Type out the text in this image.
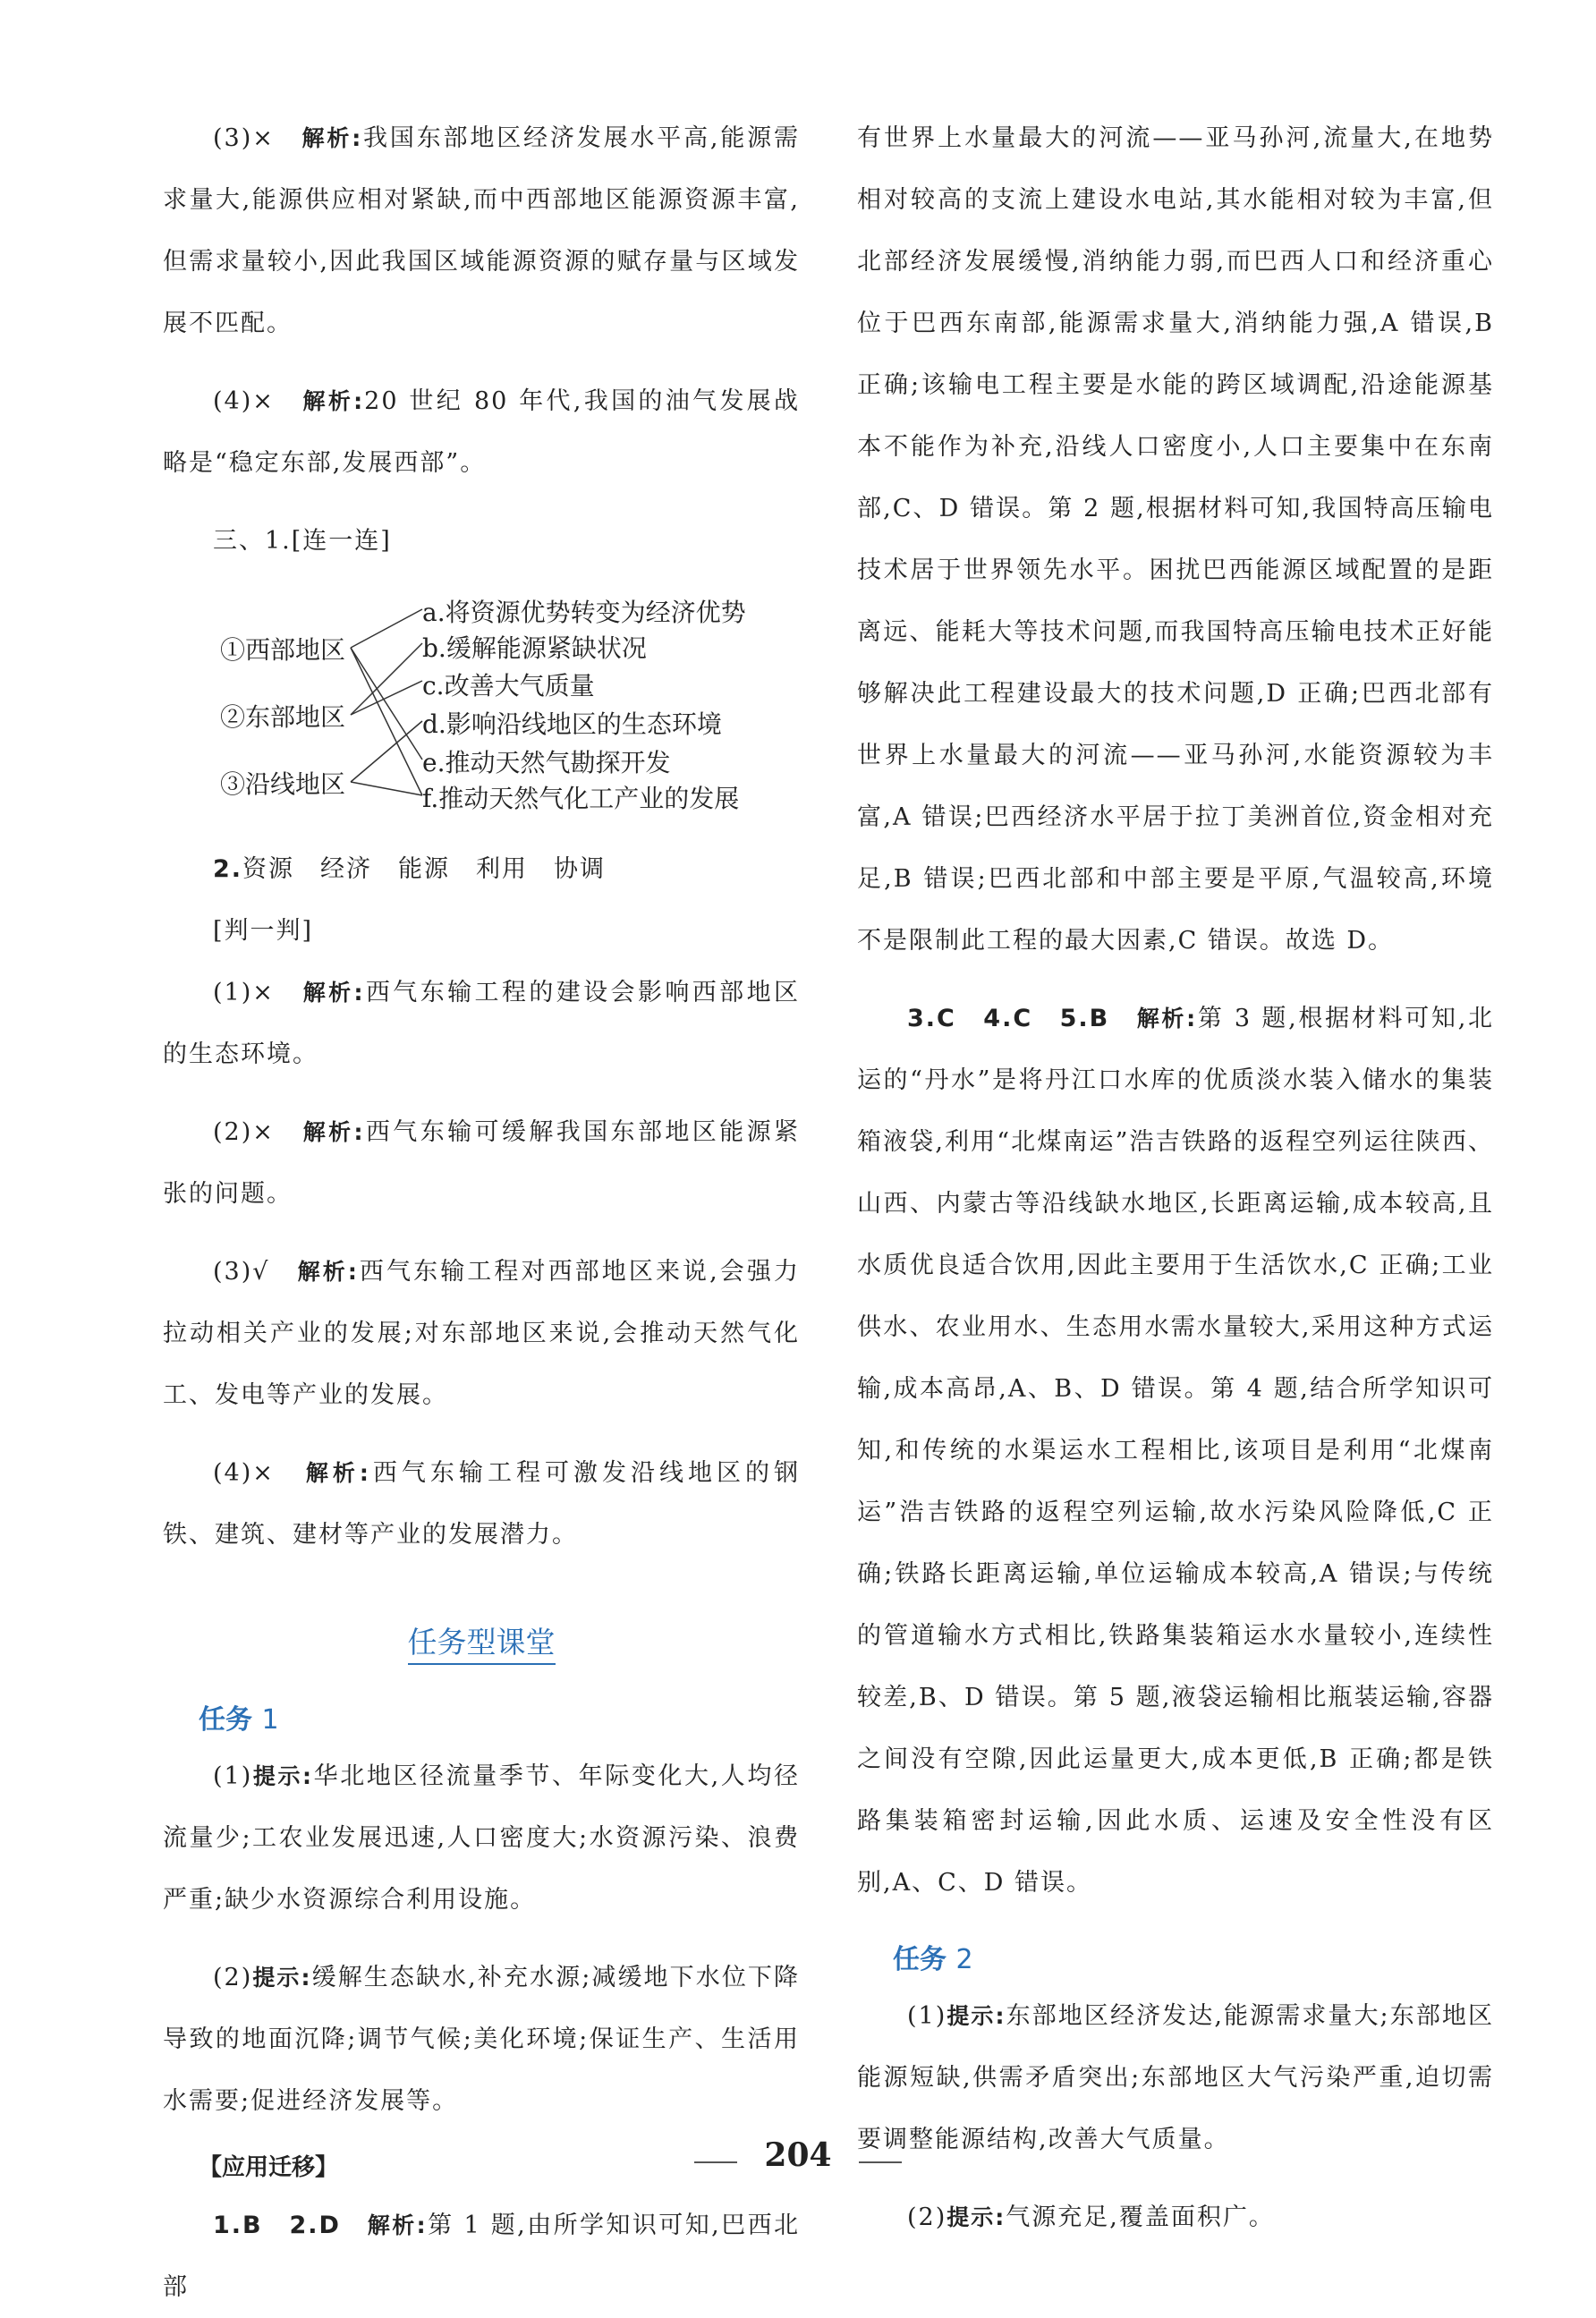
(3)×　 解析:我国东部地区经济发展水平高,能源需求量大,能源供应相对紧缺,而中西部地区能源资源丰富,但需求量较小,因此我国区域能源资源的赋存量与区域发展不匹配。

(4)×　 解析:20 世纪 80 年代,我国的油气发展战略是“稳定东部,发展西部”。

三、1.[连一连]

①西部地区
②东部地区
③沿线地区
a.将资源优势转变为经济优势
b.缓解能源紧缺状况
c.改善大气质量
d.影响沿线地区的生态环境
e.推动天然气勘探开发
f.推动天然气化工产业的发展

2.资源　经济　能源　利用　协调

[判一判]

(1)×　 解析:西气东输工程的建设会影响西部地区的生态环境。

(2)×　 解析:西气东输可缓解我国东部地区能源紧张的问题。

(3)√　 解析:西气东输工程对西部地区来说,会强力拉动相关产业的发展;对东部地区来说,会推动天然气化工、发电等产业的发展。

(4)×　 解析:西气东输工程可激发沿线地区的钢铁、建筑、建材等产业的发展潜力。

任务型课堂
任务 1

(1)提示:华北地区径流量季节、年际变化大,人均径流量少;工农业发展迅速,人口密度大;水资源污染、浪费严重;缺少水资源综合利用设施。

(2)提示:缓解生态缺水,补充水源;减缓地下水位下降导致的地面沉降;调节气候;美化环境;保证生产、生活用水需要;促进经济发展等。

【应用迁移】

1.B　2.D　 解析:第 1 题,由所学知识可知,巴西北部

有世界上水量最大的河流——亚马孙河,流量大,在地势相对较高的支流上建设水电站,其水能相对较为丰富,但北部经济发展缓慢,消纳能力弱,而巴西人口和经济重心位于巴西东南部,能源需求量大,消纳能力强,A 错误,B 正确;该输电工程主要是水能的跨区域调配,沿途能源基本不能作为补充,沿线人口密度小,人口主要集中在东南部,C、D 错误。第 2 题,根据材料可知,我国特高压输电技术居于世界领先水平。困扰巴西能源区域配置的是距离远、能耗大等技术问题,而我国特高压输电技术正好能够解决此工程建设最大的技术问题,D 正确;巴西北部有世界上水量最大的河流——亚马孙河,水能资源较为丰富,A 错误;巴西经济水平居于拉丁美洲首位,资金相对充足,B 错误;巴西北部和中部主要是平原,气温较高,环境不是限制此工程的最大因素,C 错误。故选 D。

3.C　4.C　5.B　 解析:第 3 题,根据材料可知,北运的“丹水”是将丹江口水库的优质淡水装入储水的集装箱液袋,利用“北煤南运”浩吉铁路的返程空列运往陕西、山西、内蒙古等沿线缺水地区,长距离运输,成本较高,且水质优良适合饮用,因此主要用于生活饮水,C 正确;工业供水、农业用水、生态用水需水量较大,采用这种方式运输,成本高昂,A、B、D 错误。第 4 题,结合所学知识可知,和传统的水渠运水工程相比,该项目是利用“北煤南运”浩吉铁路的返程空列运输,故水污染风险降低,C 正确;铁路长距离运输,单位运输成本较高,A 错误;与传统的管道输水方式相比,铁路集装箱运水水量较小,连续性较差,B、D 错误。第 5 题,液袋运输相比瓶装运输,容器之间没有空隙,因此运量更大,成本更低,B 正确;都是铁路集装箱密封运输,因此水质、运速及安全性没有区别,A、C、D 错误。

任务 2

(1)提示:东部地区经济发达,能源需求量大;东部地区能源短缺,供需矛盾突出;东部地区大气污染严重,迫切需要调整能源结构,改善大气质量。

(2)提示:气源充足,覆盖面积广。

204
